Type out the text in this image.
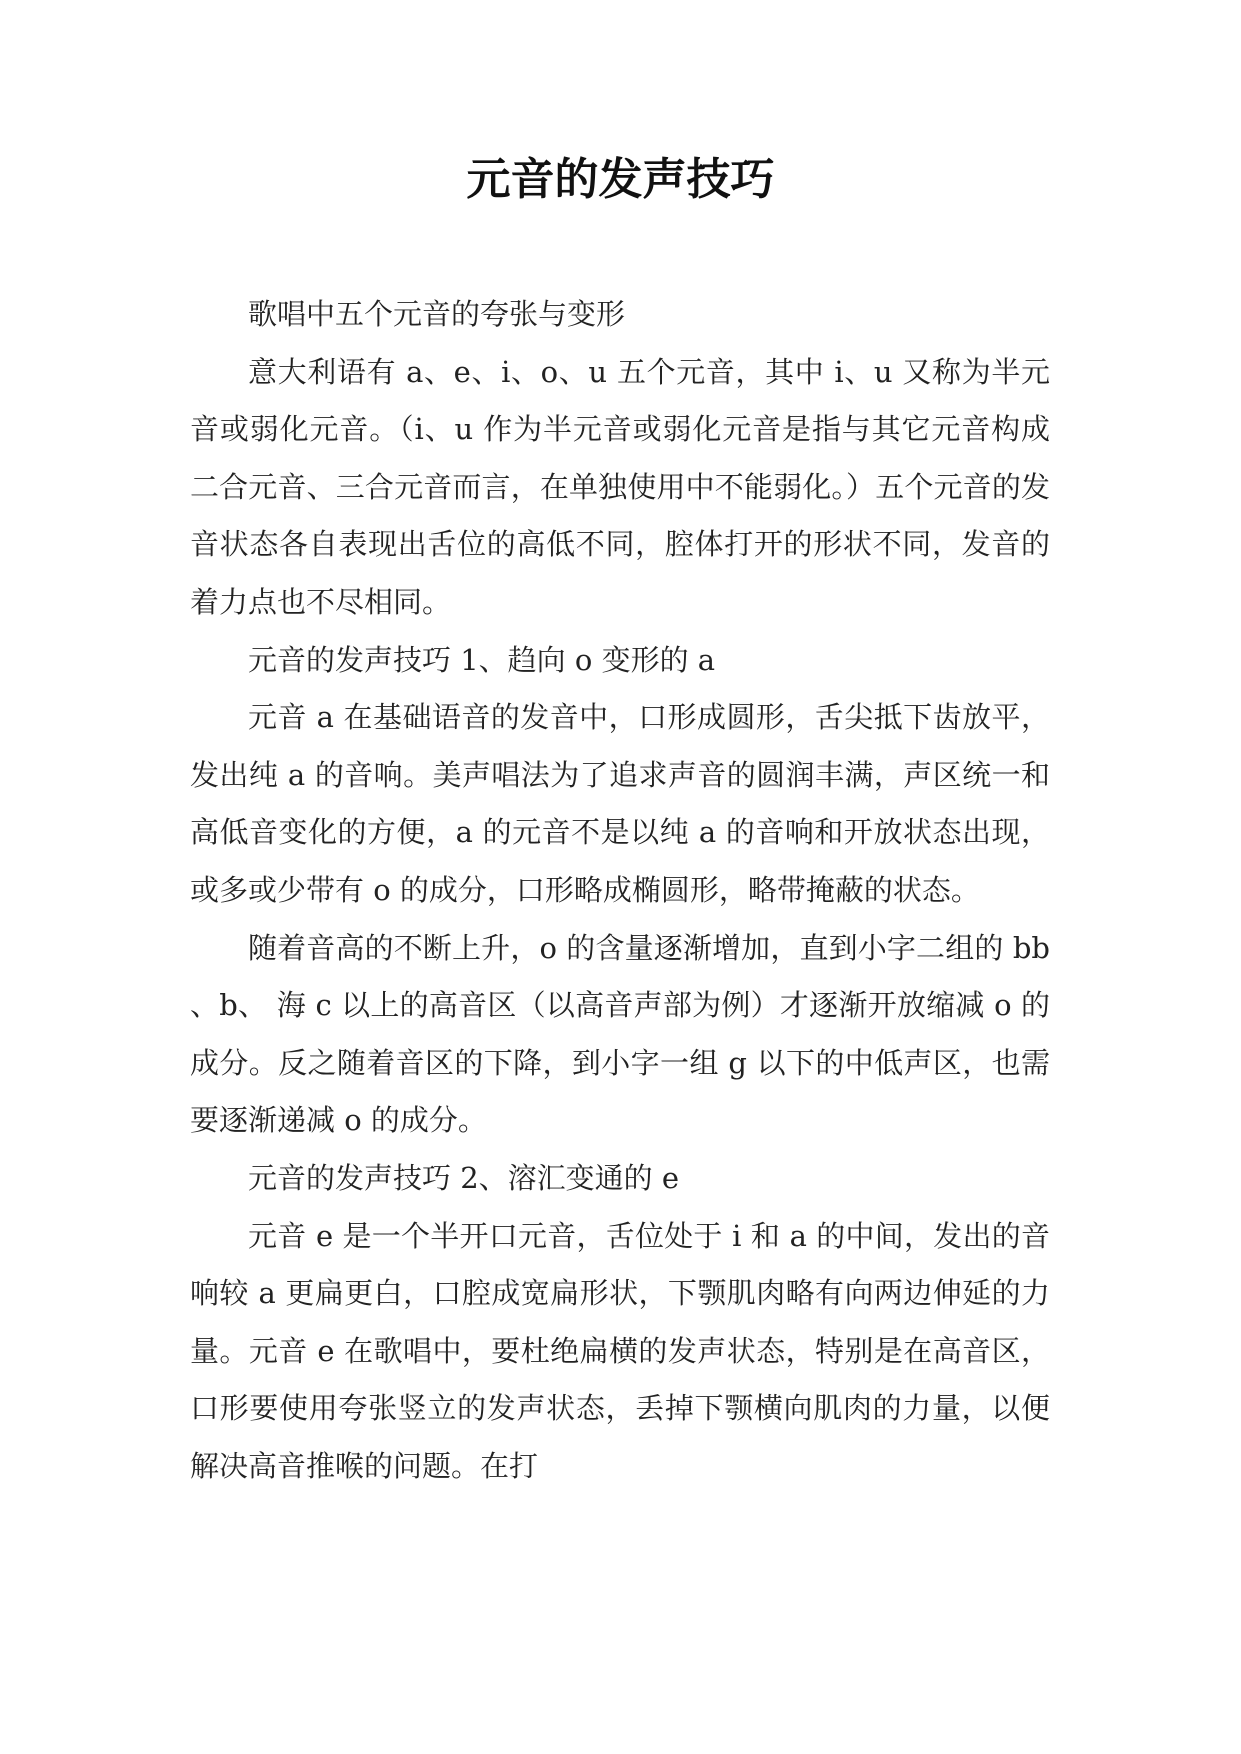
元音的发声技巧

歌唱中五个元音的夸张与变形

意大利语有 a、e、i、o、u 五个元音，其中 i、u 又称为半元音或弱化元音。（i、u 作为半元音或弱化元音是指与其它元音构成二合元音、三合元音而言，在单独使用中不能弱化。）五个元音的发音状态各自表现出舌位的高低不同，腔体打开的形状不同，发音的着力点也不尽相同。

元音的发声技巧 1、趋向 o 变形的 a

元音 a 在基础语音的发音中，口形成圆形，舌尖抵下齿放平，发出纯 a 的音响。美声唱法为了追求声音的圆润丰满，声区统一和高低音变化的方便，a 的元音不是以纯 a 的音响和开放状态出现，或多或少带有 o 的成分，口形略成椭圆形，略带掩蔽的状态。

随着音高的不断上升，o 的含量逐渐增加，直到小字二组的 bb 、b、 海 c 以上的高音区（以高音声部为例）才逐渐开放缩减 o 的成分。反之随着音区的下降，到小字一组 g 以下的中低声区，也需要逐渐递减 o 的成分。

元音的发声技巧 2、溶汇变通的 e

元音 e 是一个半开口元音，舌位处于 i 和 a 的中间，发出的音响较 a 更扁更白，口腔成宽扁形状，下颚肌肉略有向两边伸延的力量。元音 e 在歌唱中，要杜绝扁横的发声状态，特别是在高音区，口形要使用夸张竖立的发声状态，丢掉下颚横向肌肉的力量，以便解决高音推喉的问题。在打
